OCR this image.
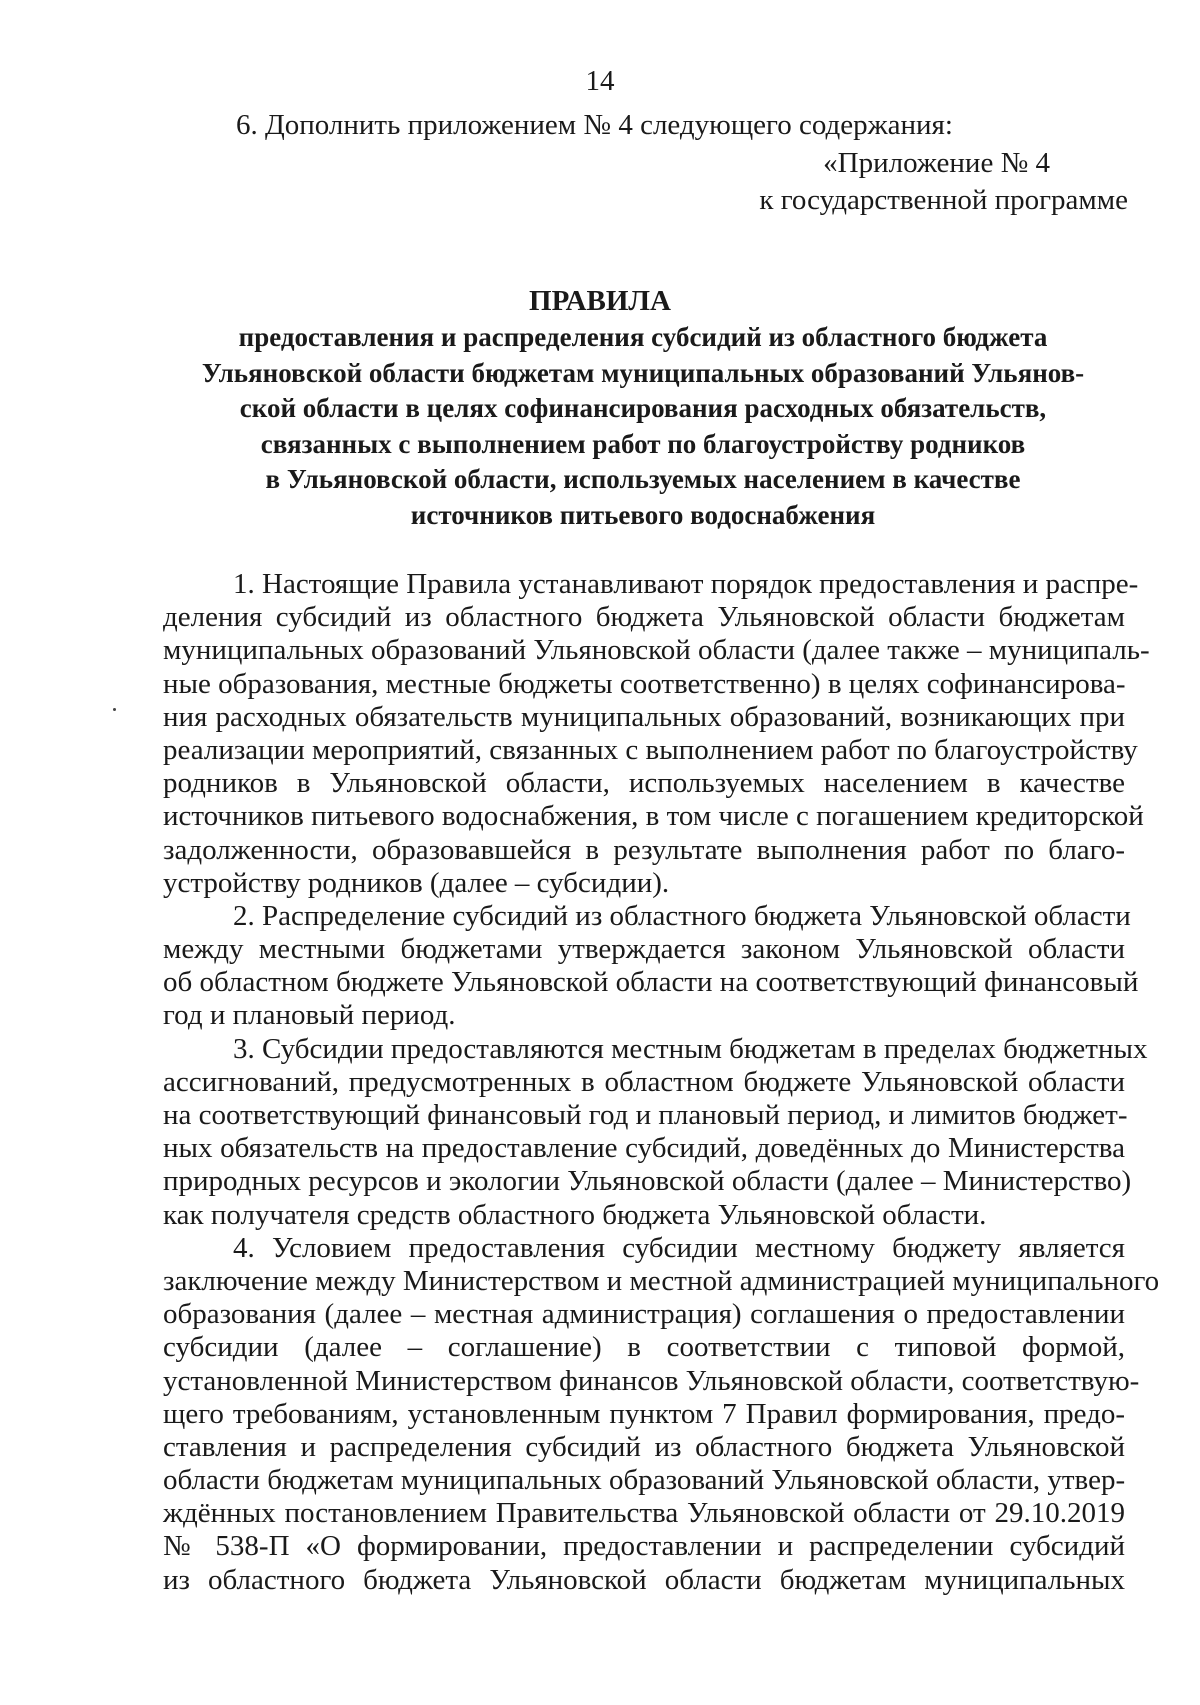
14
6. Дополнить приложением № 4 следующего содержания:
«Приложение № 4
к государственной программе
ПРАВИЛА
предоставления и распределения субсидий из областного бюджета
Ульяновской области бюджетам муниципальных образований Ульянов-
ской области в целях софинансирования расходных обязательств,
связанных с выполнением работ по благоустройству родников
в Ульяновской области, используемых населением в качестве
источников питьевого водоснабжения
1. Настоящие Правила устанавливают порядок предоставления и распре-
деления субсидий из областного бюджета Ульяновской области бюджетам
муниципальных образований Ульяновской области (далее также – муниципаль-
ные образования, местные бюджеты соответственно) в целях софинансирова-
ния расходных обязательств муниципальных образований, возникающих при
реализации мероприятий, связанных с выполнением работ по благоустройству
родников в Ульяновской области, используемых населением в качестве
источников питьевого водоснабжения, в том числе с погашением кредиторской
задолженности, образовавшейся в результате выполнения работ по благо-
устройству родников (далее – субсидии).
2. Распределение субсидий из областного бюджета Ульяновской области
между местными бюджетами утверждается законом Ульяновской области
об областном бюджете Ульяновской области на соответствующий финансовый
год и плановый период.
3. Субсидии предоставляются местным бюджетам в пределах бюджетных
ассигнований, предусмотренных в областном бюджете Ульяновской области
на соответствующий финансовый год и плановый период, и лимитов бюджет-
ных обязательств на предоставление субсидий, доведённых до Министерства
природных ресурсов и экологии Ульяновской области (далее – Министерство)
как получателя средств областного бюджета Ульяновской области.
4. Условием предоставления субсидии местному бюджету является
заключение между Министерством и местной администрацией муниципального
образования (далее – местная администрация) соглашения о предоставлении
субсидии (далее – соглашение) в соответствии с типовой формой,
установленной Министерством финансов Ульяновской области, соответствую-
щего требованиям, установленным пунктом 7 Правил формирования, предо-
ставления и распределения субсидий из областного бюджета Ульяновской
области бюджетам муниципальных образований Ульяновской области, утвер-
ждённых постановлением Правительства Ульяновской области от 29.10.2019
№ 538-П «О формировании, предоставлении и распределении субсидий
из областного бюджета Ульяновской области бюджетам муниципальных
